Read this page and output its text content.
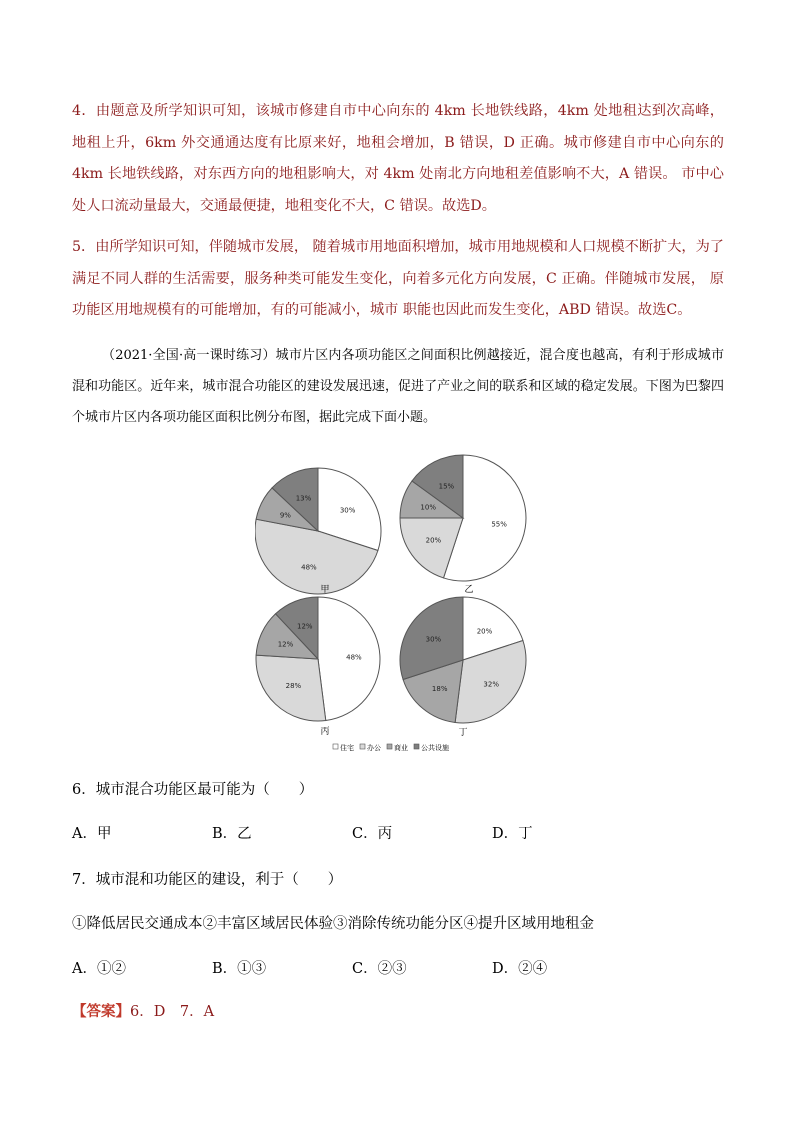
4．由题意及所学知识可知，该城市修建自市中心向东的 4km 长地铁线路，4km 处地租达到次高峰，地租上升，6km 外交通通达度有比原来好，地租会增加，B 错误，D 正确。城市修建自市中心向东的 4km 长地铁线路，对东西方向的地租影响大，对 4km 处南北方向地租差值影响不大，A 错误。 市中心处人口流动量最大，交通最便捷，地租变化不大，C 错误。故选D。

5．由所学知识可知，伴随城市发展， 随着城市用地面积增加，城市用地规模和人口规模不断扩大，为了满足不同人群的生活需要，服务种类可能发生变化，向着多元化方向发展，C 正确。伴随城市发展， 原功能区用地规模有的可能增加，有的可能减小，城市 职能也因此而发生变化，ABD 错误。故选C。

（2021·全国·高一课时练习）城市片区内各项功能区之间面积比例越接近，混合度也越高，有利于形成城市混和功能区。近年来，城市混合功能区的建设发展迅速，促进了产业之间的联系和区域的稳定发展。下图为巴黎四个城市片区内各项功能区面积比例分布图，据此完成下面小题。

30%
48%
9%
13%
甲
55%
20%
10%
15%
乙
48%
28%
12%
12%
丙
20%
32%
18%
30%
丁
住宅 办公 商业 公共设施

6．城市混合功能区最可能为（　　）

A．甲	B．乙	C．丙	D．丁

7．城市混和功能区的建设，利于（　　）

①降低居民交通成本②丰富区域居民体验③消除传统功能分区④提升区域用地租金

A．①②	B．①③	C．②③	D．②④
【答案】6．D　7．A
